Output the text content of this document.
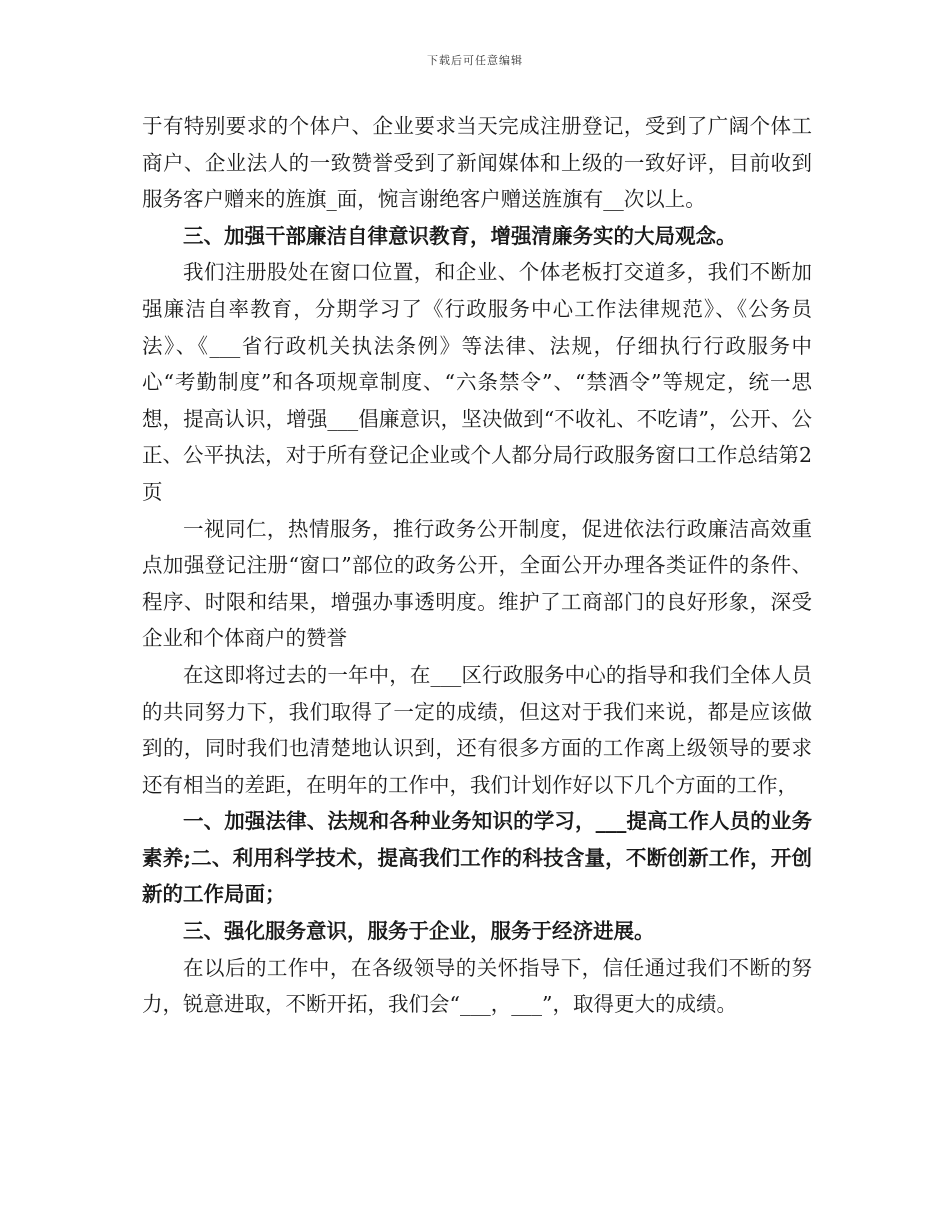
下载后可任意编辑

于有特别要求的个体户、企业要求当天完成注册登记，受到了广阔个体工商户、企业法人的一致赞誉受到了新闻媒体和上级的一致好评，目前收到服务客户赠来的旌旗_面，惋言谢绝客户赠送旌旗有__次以上。

三、加强干部廉洁自律意识教育，增强清廉务实的大局观念。

我们注册股处在窗口位置，和企业、个体老板打交道多，我们不断加强廉洁自率教育，分期学习了《行政服务中心工作法律规范》、《公务员法》、《___省行政机关执法条例》等法律、法规，仔细执行行政服务中心“考勤制度”和各项规章制度、“六条禁令”、“禁酒令”等规定，统一思想，提高认识，增强___倡廉意识，坚决做到“不收礼、不吃请”，公开、公正、公平执法，对于所有登记企业或个人都分局行政服务窗口工作总结第2页

一视同仁，热情服务，推行政务公开制度，促进依法行政廉洁高效重点加强登记注册“窗口”部位的政务公开，全面公开办理各类证件的条件、程序、时限和结果，增强办事透明度。维护了工商部门的良好形象，深受企业和个体商户的赞誉

在这即将过去的一年中，在___区行政服务中心的指导和我们全体人员的共同努力下，我们取得了一定的成绩，但这对于我们来说，都是应该做到的，同时我们也清楚地认识到，还有很多方面的工作离上级领导的要求还有相当的差距，在明年的工作中，我们计划作好以下几个方面的工作，

一、加强法律、法规和各种业务知识的学习，___提高工作人员的业务素养;二、利用科学技术，提高我们工作的科技含量，不断创新工作，开创新的工作局面；

三、强化服务意识，服务于企业，服务于经济进展。

在以后的工作中，在各级领导的关怀指导下，信任通过我们不断的努力，锐意进取，不断开拓，我们会“___，___”，取得更大的成绩。
